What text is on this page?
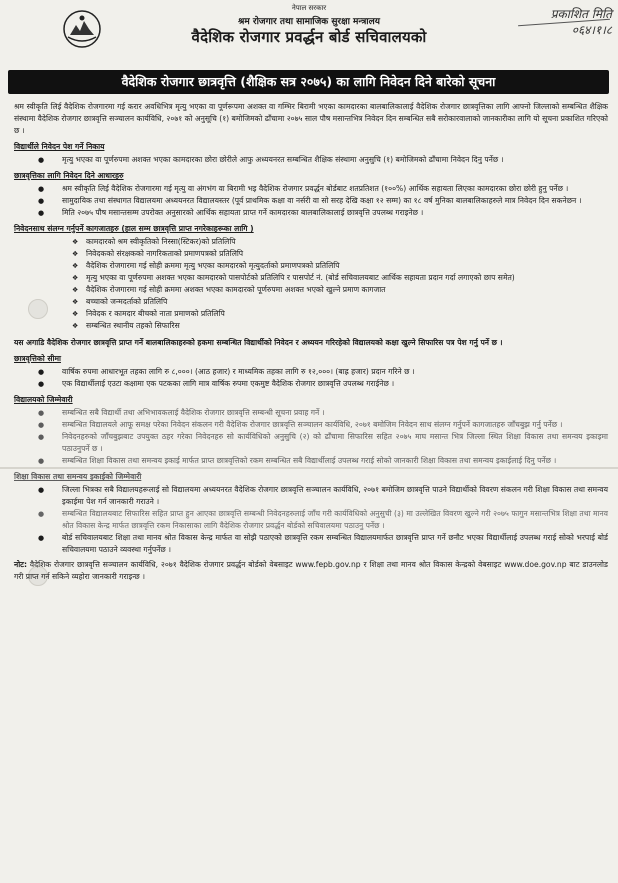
नेपाल सरकार
श्रम रोजगार तथा सामाजिक सुरक्षा मन्त्रालय
वैदेशिक रोजगार प्रवर्द्धन बोर्ड सचिवालयको
प्रकाशित मिति
०६४।१।८
वैदेशिक रोजगार छात्रवृत्ति (शैक्षिक सत्र २०७५) का लागि निवेदन दिने बारेको सूचना
श्रम स्वीकृति लिई वैदेशिक रोजगारमा गई करार अवधिभित्र मृत्यु भएका वा पूर्णरूपमा अशक्त वा गम्भिर बिरामी भएका कामदारका बालबालिकालाई वैदेशिक रोजगार छात्रवृत्तिका लागि आफ्नो जिल्लाको सम्बन्धित शैक्षिक संस्थामा वैदेशिक रोजगार छात्रवृत्ति सञ्चालन कार्यविधि, २०७१ को अनुसूचि (१) बमोजिमको ढाँचामा २०७५ साल पौष मसान्तभित्र निवेदन दिन सम्बन्धित सबै सरोकारवालाको जानकारीका लागि यो सूचना प्रकाशित गरिएको छ ।
विद्यार्थीले निवेदन पेश गर्ने निकाय
● मृत्यु भएका वा पूर्णरुपमा अशक्त भएका कामदारका छोरा छोरीले आफु अध्ययनरत सम्बन्धित शैक्षिक संस्थामा अनुसुचि (१) बमोजिमको ढाँचामा निवेदन दिनु पर्नेछ ।
छात्रवृत्तिका लागि निवेदन दिने आधारहरु
● श्रम स्वीकृति लिई वैदेशिक रोजगारमा गई मृत्यु वा अंगभंग वा बिरामी भइ वैदेशिक रोजगार प्रवर्द्धन बोर्डबाट शतप्रतिशत (१००%) आर्थिक सहायता लिएका कामदारका छोरा छोरी हुनु पर्नेछ ।
● सामुदायिक तथा संस्थागत विद्यालयमा अध्ययनरत विद्यालयस्तर (पूर्व प्राथमिक कक्षा वा नर्सरी वा सो सरह देखि कक्षा १२ सम्म) का १८ वर्ष मुनिका बालबालिकाहरुले मात्र निवेदन दिन सकनेछन ।
● मिति २०७५ पौष मसान्तसम्म उपरोक्त अनुसारको आर्थिक सहायता प्राप्त गर्ने कामदारका बालबालिकालाई छात्रवृत्ति उपलब्ध गराइनेछ ।
निवेदनसाथ संलग्न गर्नुपर्ने कागजातहरु (हाल सम्म छात्रवृत्ति प्राप्त नगरेकाहरूका लागि )
❖ कामदारको श्रम स्वीकृतिको निस्सा(स्टिकर)को प्रतिलिपि
❖ निवेदकको संरक्षकको नागरिकताको प्रमाणपत्रको प्रतिलिपि
❖ वैदेशिक रोजगारमा गई सोही क्रममा मृत्यु भएका कामदारको मृत्युदर्ताको प्रमाणपत्रको प्रतिलिपि
❖ मृत्यु भएका वा पूर्णरुपमा अशक्त भएका कामदारको पासपोर्टको प्रतिलिपि र पासपोर्ट नं. (बोर्ड सचिवालयबाट आर्थिक सहायता प्रदान गर्दा लगाएको छाप समेत)
❖ वैदेशिक रोजगारमा गई सोही क्रममा अशक्त भएका कामदारको पूर्णरुपमा अशक्त भएको खुल्ने प्रमाण कागजात
❖ बच्चाको जन्मदर्ताको प्रतिलिपि
❖ निवेदक र कामदार बीचको नाता प्रमाणको प्रतिलिपि
❖ सम्बन्धित स्थानीय तहको सिफारिस
यस अगाडि वैदेशिक रोजगार छात्रवृत्ति प्राप्त गर्ने बालबालिकाहरुको हकमा सम्बन्धित विद्यार्थीको निवेदन र अध्ययन गरिरहेको विद्यालयको कक्षा खुल्ने सिफारिस पत्र पेश गर्नु पर्ने छ ।
छात्रवृत्तिको सीमा
● वार्षिक रुपमा आधारभूत तहका लागि रु ८,०००। (आठ हजार) र माध्यमिक तहका लागि रु १२,०००। (बाह्र हजार) प्रदान गरिने छ ।
● एक विद्यार्थीलाई एउटा कक्षामा एक पटकका लागि मात्र वार्षिक रुपमा एकमुष्ट वैदेशिक रोजगार छात्रवृत्ति उपलब्ध गराईनेछ ।
विद्यालयको जिम्मेवारी
● सम्बन्धित सबै विद्यार्थी तथा अभिभावकलाई वैदेशिक रोजगार छात्रवृत्ति सम्बन्धी सूचना प्रवाह गर्ने ।
● सम्बन्धित विद्यालयले आफू समक्ष परेका निवेदन संकलन गरी वैदेशिक रोजगार छात्रवृत्ति सञ्चालन कार्यविधि, २०७१ बमोजिम निवेदन साथ संलग्न गर्नुपर्ने कागजातहरु जाँचबुझ गर्नु पर्नेछ ।
● निवेदनहरुको जाँचबुझबाट उपयुक्त ठहर गरेका निवेदनहरु सो कार्यविधिको अनुसुचि (२) को ढाँचामा सिफारिस सहित २०७५ माघ मसान्त भित्र जिल्ला स्थित शिक्षा विकास तथा समन्वय इकाइमा पठाउनुपर्ने छ ।
● सम्बन्धित शिक्षा विकास तथा समन्वय इकाई मार्फत प्राप्त छात्रवृत्तिको रकम सम्बन्धित सबै विद्यार्थीलाई उपलब्ध गराई सोको जानकारी शिक्षा विकास तथा समन्वय इकाईलाई दिनु पर्नेछ ।
शिक्षा विकास तथा समन्वय इकाईको जिम्मेवारी
● जिल्ला भित्रका सबै विद्यालयहरूलाई सो विद्यालयमा अध्ययनरत वैदेशिक रोजगार छात्रवृत्ति सञ्चालन कार्यविधि, २०७१ बमोजिम छात्रवृत्ति पाउने विद्यार्थीको विवरण संकलन गरी शिक्षा विकास तथा समन्वय इकाईमा पेश गर्न जानकारी गराउने ।
● सम्बन्धित विद्यालयबाट सिफारिस सहित प्राप्त हुन आएका छात्रवृत्ति सम्बन्धी निवेदनहरुलाई जाँच गरी कार्यविधिको अनुसुची (३) मा उल्लेखित विवरण खुल्ने गरी २०७५ फागुन मसान्तभित्र शिक्षा तथा मानव श्रोत विकास केन्द्र मार्फत छात्रवृत्ति रकम निकासाका लागि वैदेशिक रोजगार प्रवर्द्धन बोर्डको सचिवालयमा पठाउनु पर्नेछ ।
● बोर्ड सचिवालयबाट शिक्षा तथा मानव श्रोत विकास केन्द्र मार्फत वा सोझै पठाएको छात्रवृत्ति रकम सम्बन्धित विद्यालयमार्फत छात्रवृत्ति प्राप्त गर्ने छनौट भएका विद्यार्थीलाई उपलब्ध गराई सोको भरपाई बोर्ड सचिवालयमा पठाउने व्यवस्था गर्नुपर्नेछ ।
नोट: वैदेशिक रोजगार छात्रवृत्ति सञ्चालन कार्यविधि, २०७१ वैदेशिक रोजगार प्रवर्द्धन बोर्डको वेबसाइट www.fepb.gov.np र शिक्षा तथा मानव श्रोत विकास केन्द्रको वेबसाइट www.doe.gov.np बाट डाउनलोड गरी प्राप्त गर्न सकिने व्यहोरा जानकारी गराइन्छ ।
